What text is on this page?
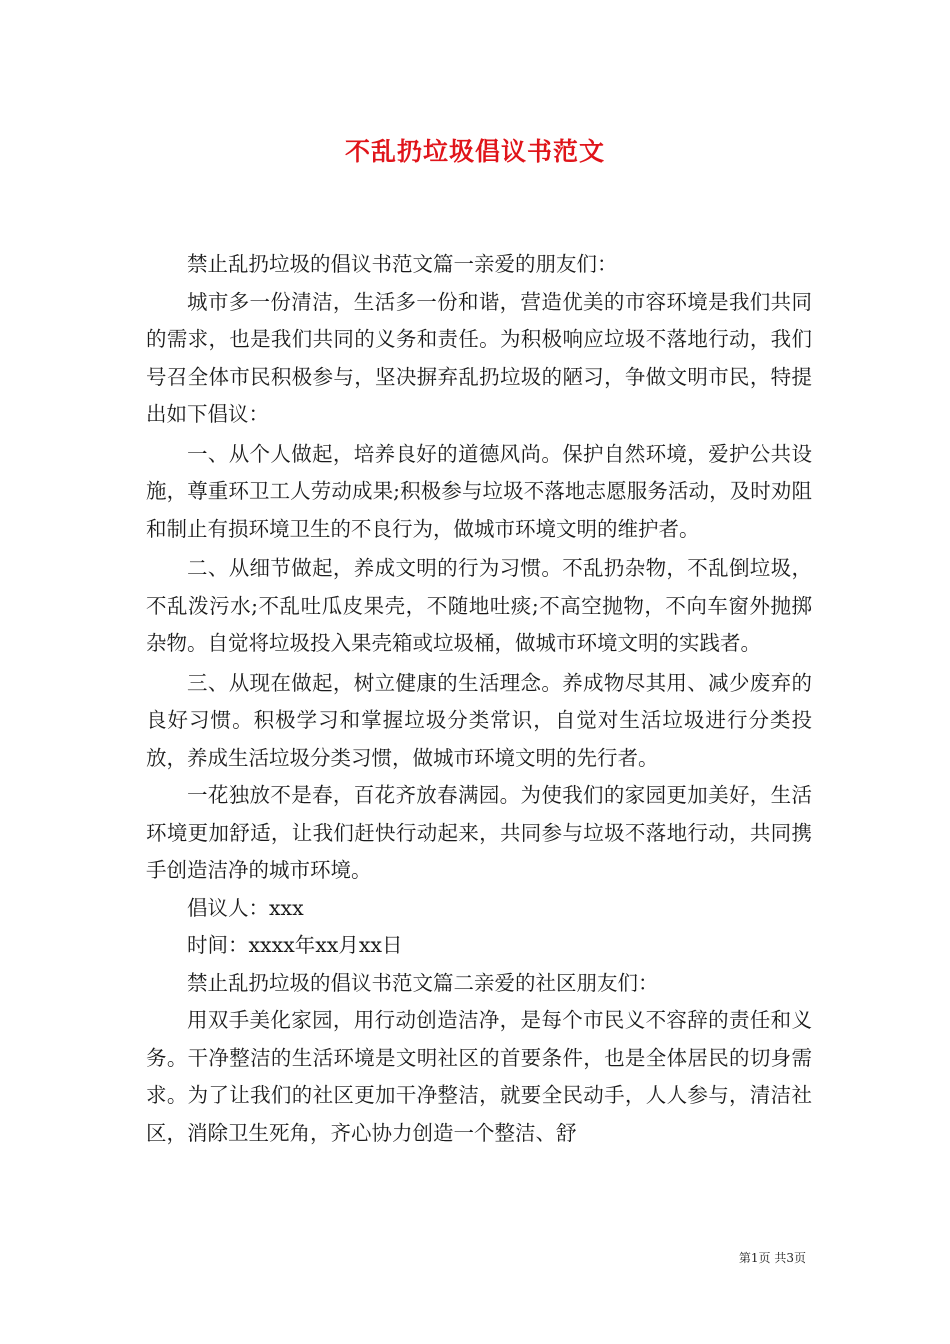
不乱扔垃圾倡议书范文

禁止乱扔垃圾的倡议书范文篇一亲爱的朋友们：

城市多一份清洁，生活多一份和谐，营造优美的市容环境是我们共同的需求，也是我们共同的义务和责任。为积极响应垃圾不落地行动，我们号召全体市民积极参与，坚决摒弃乱扔垃圾的陋习，争做文明市民，特提出如下倡议：

一、从个人做起，培养良好的道德风尚。保护自然环境，爱护公共设施，尊重环卫工人劳动成果;积极参与垃圾不落地志愿服务活动，及时劝阻和制止有损环境卫生的不良行为，做城市环境文明的维护者。

二、从细节做起，养成文明的行为习惯。不乱扔杂物，不乱倒垃圾，不乱泼污水;不乱吐瓜皮果壳，不随地吐痰;不高空抛物，不向车窗外抛掷杂物。自觉将垃圾投入果壳箱或垃圾桶，做城市环境文明的实践者。

三、从现在做起，树立健康的生活理念。养成物尽其用、减少废弃的良好习惯。积极学习和掌握垃圾分类常识，自觉对生活垃圾进行分类投放，养成生活垃圾分类习惯，做城市环境文明的先行者。

一花独放不是春，百花齐放春满园。为使我们的家园更加美好，生活环境更加舒适，让我们赶快行动起来，共同参与垃圾不落地行动，共同携手创造洁净的城市环境。

倡议人：xxx

时间：xxxx年xx月xx日

禁止乱扔垃圾的倡议书范文篇二亲爱的社区朋友们：

用双手美化家园，用行动创造洁净，是每个市民义不容辞的责任和义务。干净整洁的生活环境是文明社区的首要条件，也是全体居民的切身需求。为了让我们的社区更加干净整洁，就要全民动手，人人参与，清洁社区，消除卫生死角，齐心协力创造一个整洁、舒

第1页 共3页
